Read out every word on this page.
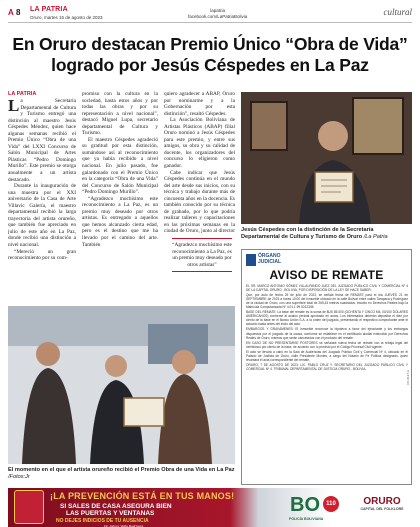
A 8 LA PATRIA
Oruro, martes 15 de agosto de 2023
lapatria
facebook.com/LaPatriaBolivia	cultural
En Oruro destacan Premio Único “Obra de Vida” logrado por Jesús Céspedes en La Paz
LA PATRIA
L a Secretaría Departamental de Cultura y Turismo entregó una distinción al maestro Jesús Céspedes Méndez, quien hace algunas semanas recibió el Premio Único “Obra de una Vida” del LXXI Concurso de Salón Municipal de Artes Plásticas “Pedro Domingo Murillo”. Este premio se otorga anualmente a un artista destacado.

Durante la inauguración de una muestra por el XXI aniversario de la Casa de Arte Villavic Galería, el maestro departamental recibió la larga trayectoria del artista orureño, que también fue apreciado en julio de este año en La Paz, donde recibió una distinción a nivel nacional.

“Mereció un gran reconocimiento por su com-

promiso con la cultura en la sociedad, hasta estos años y por todas las obras y por su representación a nivel nacional”, destacó Miguel Lupa, secretario departamental de Cultura y Turismo.

El maestro Céspedes agradeció su gratitud por esta distinción, sumándose así al reconocimiento que ya había recibido a nivel nacional. En julio pasado, fue galardonado con el Premio Único en la categoría “Obra de una Vida” del Concurso de Salón Municipal “Pedro Domingo Murillo”.

“Agradezco muchísimo este reconocimiento a La Paz, es un premio muy deseado por otros artistas. Es entregado a aquellos que hemos alcanzado cierta edad, pero es el destino que me ha llevado por el camino del arte. También

quiero agradecer a ABAP, Oruro por nominarme y a la Gobernación por esta distinción”, resaltó Céspedes.

La Asociación Boliviana de Artistas Plásticos (ABAP) filial Oruro nominó a Jesús Céspedes para este premio, y entre sus amigos, su obra y su calidad de docente, los organizadores del concurso lo eligieron como ganador.

Cabe indicar que Jesús Céspedes continúa en el mundo del arte desde sus inicios, con su técnica y trabajo durante más de cincuenta años en la docencia. Es también conocido por su técnica de grabado, por lo que podría realizar talleres y capacitaciones en las próximas semanas en la ciudad de Oruro, junto al director

“Agradezco muchísimo este reconocimiento a La Paz, es un premio muy deseado por otros artistas”
Jesús Céspedes con la distinción de la Secretaría Departamental de Cultura y Turismo de Oruro /La Patria
El momento en el que el artista orureño recibió el Premio Obra de una Vida en La Paz /Fotos:Jr
ÓRGANO
JUDICIAL
AVISO DE REMATE

EL SR. MARCO ANTONIO GÓMEZ VILLALPANDO JUEZ DEL JUZGADO PÚBLICO CIVIL Y COMERCIAL Nº 4 DE LA CAPITAL ORURO - BOLIVIA, POR DISPOSICIÓN DE LA LEY SE HACE SABER:

Que, por auto de fecha 25 de julio de 2023, se señala fecha de REMATE para el día JUEVES 21 de SEPTIEMBRE de 2023 a horas 10:00 del inmueble ubicado en la calle Bolívar entre calles Tarapacá y Rodríguez de la ciudad de Oruro, con una superficie total de 265,43 metros cuadrados, inscrito en Derechos Reales bajo la Matrícula Computarizada Nº 4.01.1.99.0012345.

BASE DEL REMATE: La base del remate es la suma de $US 85.000 (OCHENTA Y CINCO MIL 00/100 DÓLARES AMERICANOS) conforme al avalúo pericial aprobado en autos. Los interesados deberán depositar el diez por ciento de la base en el Banco Unión S.A. a la orden del juzgado, presentando el respectivo comprobante ante el actuario hasta antes del inicio del acto.

EMBARGOS Y GRAVÁMENES: El inmueble reconoce la hipoteca a favor del ejecutante y los embargos dispuestos por el juzgado de la causa, conforme se establece en el certificado alodial extendido por Derechos Reales de Oruro, mismos que serán cancelados con el producto del remate.

EN CASO DE NO PRESENTARSE POSTORES se señalará nueva fecha de remate con la rebaja legal del veinticinco por ciento de la base, de acuerdo con lo previsto por el Código Procesal Civil vigente.

El acto se llevará a cabo en la Sala de Audiencias del Juzgado Público Civil y Comercial Nº 4, ubicado en el Palacio de Justicia de Oruro, calle Presidente Montes, a cargo del Notario de Fe Pública designado, quien levantará el acta correspondiente del remate.

ORURO, 7 DE AGOSTO DE 2023. LIC. PABLO CRUZ Y. SECRETARIO DEL JUZGADO PÚBLICO CIVIL Y COMERCIAL Nº 4. TRIBUNAL DEPARTAMENTAL DE JUSTICIA ORURO - BOLIVIA.

FC-0127-A
¡LA PREVENCIÓN ESTÁ EN TUS MANOS!
SI SALES DE CASA ASEGURA BIEN
LAS PUERTAS Y VENTANAS
NO DEJES INDICIOS DE TU AUSENCIA
Dr. Johnny Vedia Rodríguez
BO	110
POLICÍA BOLIVIANA
ORURO
CAPITAL DEL FOLKLORE
